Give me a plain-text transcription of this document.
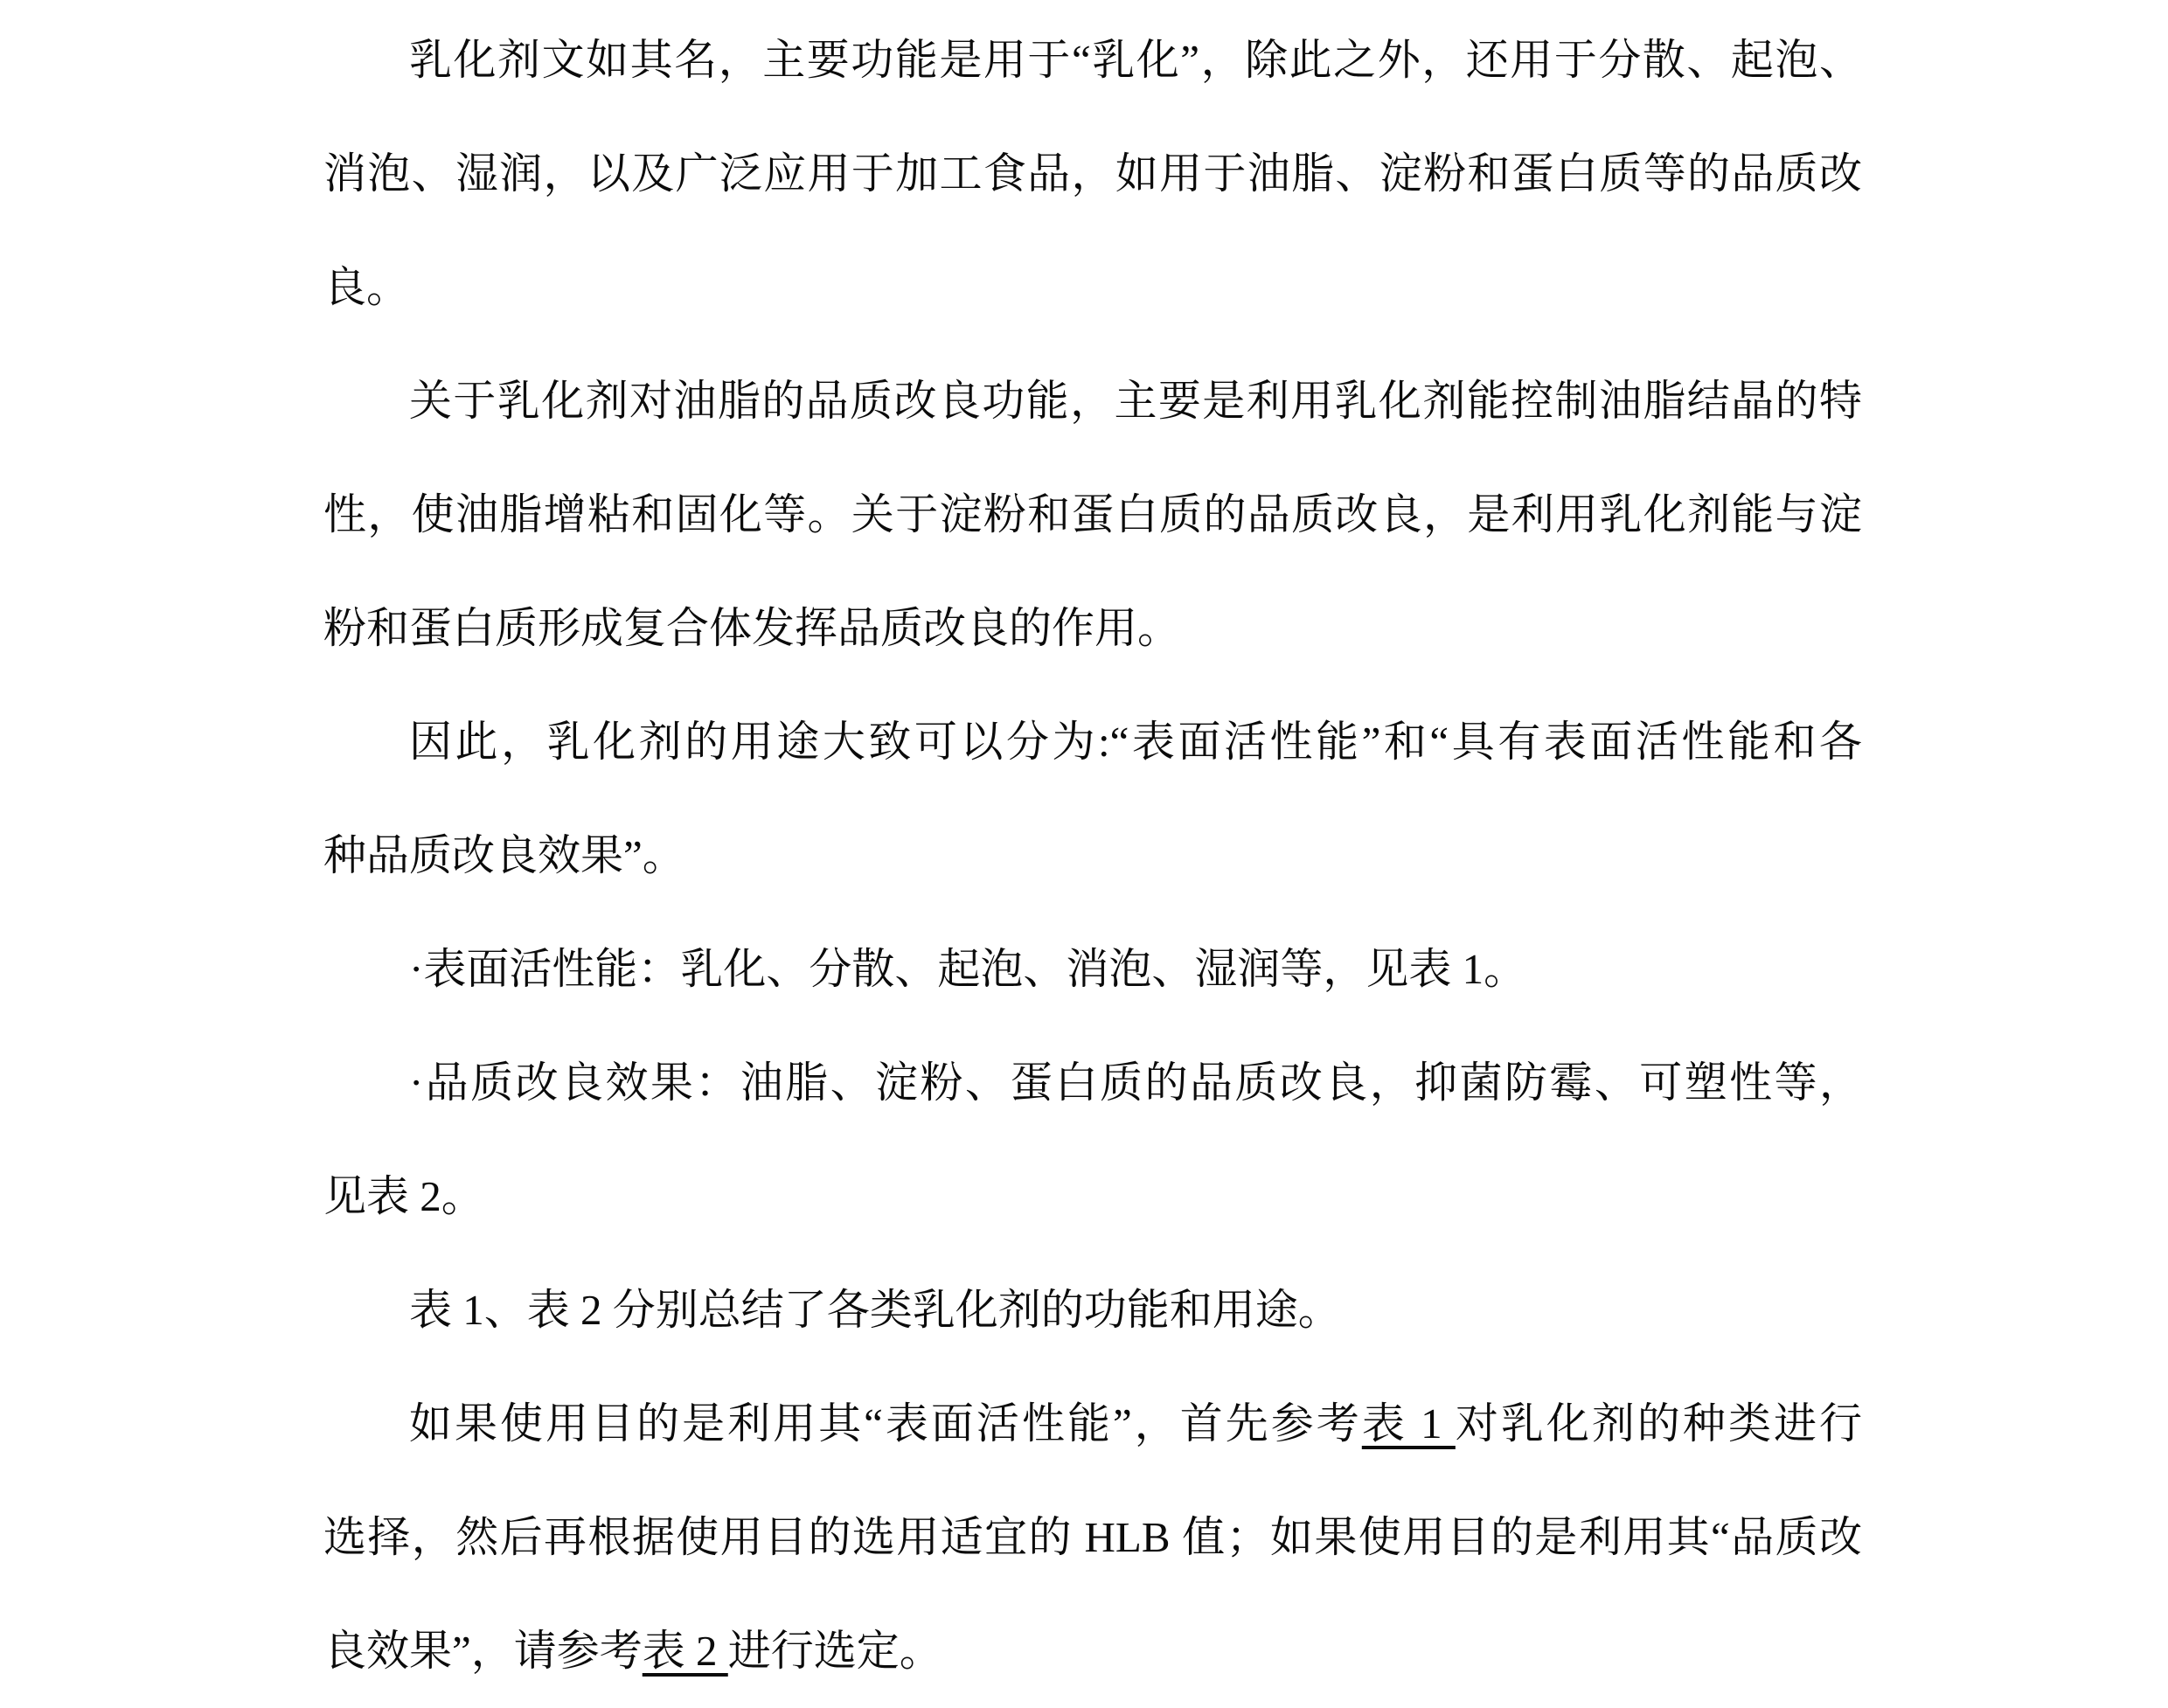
乳化剂文如其名，主要功能是用于“乳化”，除此之外，还用于分散、起泡、
消泡、湿润，以及广泛应用于加工食品，如用于油脂、淀粉和蛋白质等的品质改
良。
关于乳化剂对油脂的品质改良功能，主要是利用乳化剂能控制油脂结晶的特
性，使油脂增粘和固化等。关于淀粉和蛋白质的品质改良，是利用乳化剂能与淀
粉和蛋白质形成复合体发挥品质改良的作用。
因此，乳化剂的用途大致可以分为:“表面活性能”和“具有表面活性能和各
种品质改良效果”。
·表面活性能：乳化、分散、起泡、消泡、湿润等，见表 1。
·品质改良效果：油脂、淀粉、蛋白质的品质改良，抑菌防霉、可塑性等，
见表 2。
表 1、表 2 分别总结了各类乳化剂的功能和用途。
如果使用目的是利用其“表面活性能”，首先参考表 1 对乳化剂的种类进行
选择，然后再根据使用目的选用适宜的 HLB 值；如果使用目的是利用其“品质改
良效果”，请参考表 2 进行选定。
